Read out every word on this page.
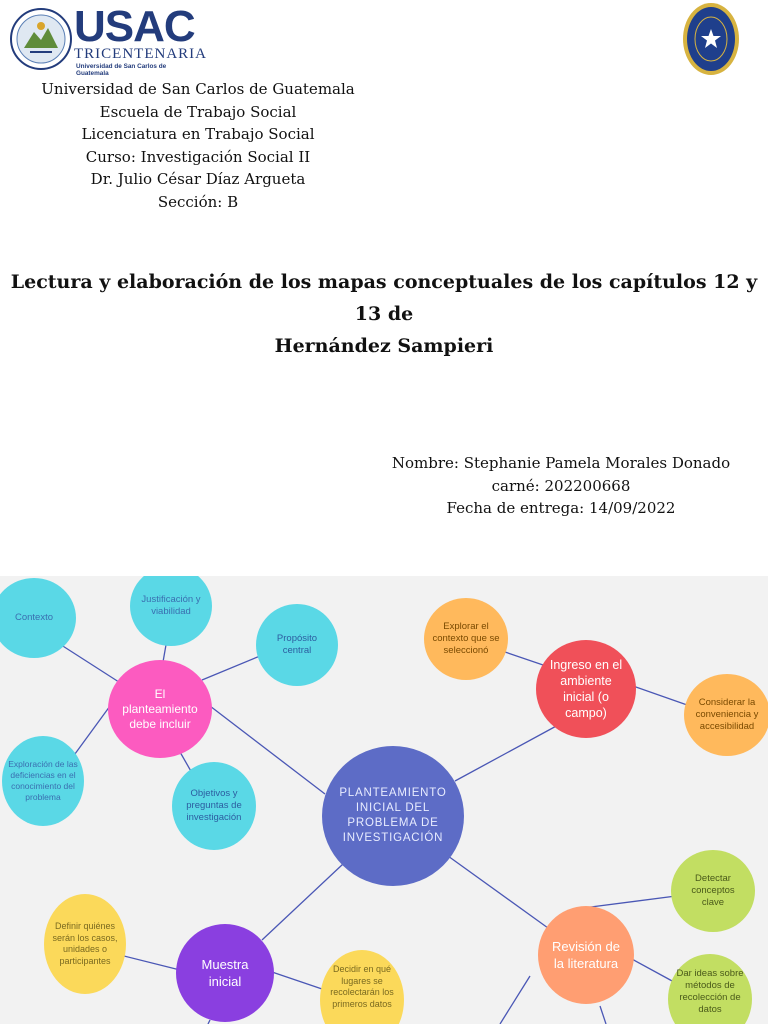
USAC
TRICENTENARIA
Universidad de San Carlos de Guatemala
Universidad de San Carlos de Guatemala
Escuela de Trabajo Social
Licenciatura en Trabajo Social
Curso: Investigación Social II
Dr. Julio César Díaz Argueta
Sección: B
Lectura y elaboración de los mapas conceptuales de los capítulos 12 y 13 de
Hernández Sampieri
Nombre: Stephanie Pamela Morales Donado
carné: 202200668
Fecha de entrega: 14/09/2022
Contexto
Justificación y viabilidad
Propósito central
El planteamiento debe incluir
Exploración de las deficiencias en el conocimiento del problema	Objetivos y preguntas de investigación
PLANTEAMIENTO INICIAL DEL PROBLEMA DE INVESTIGACIÓN
Explorar el contexto que se seleccionó
Ingreso en el ambiente inicial (o campo)
Considerar la conveniencia y accesibilidad
Detectar conceptos clave
Revisión de la literatura
Dar ideas sobre métodos de recolección de datos
Definir quiénes serán los casos, unidades o participantes	Muestra inicial
Decidir en qué lugares se recolectarán los primeros datos
